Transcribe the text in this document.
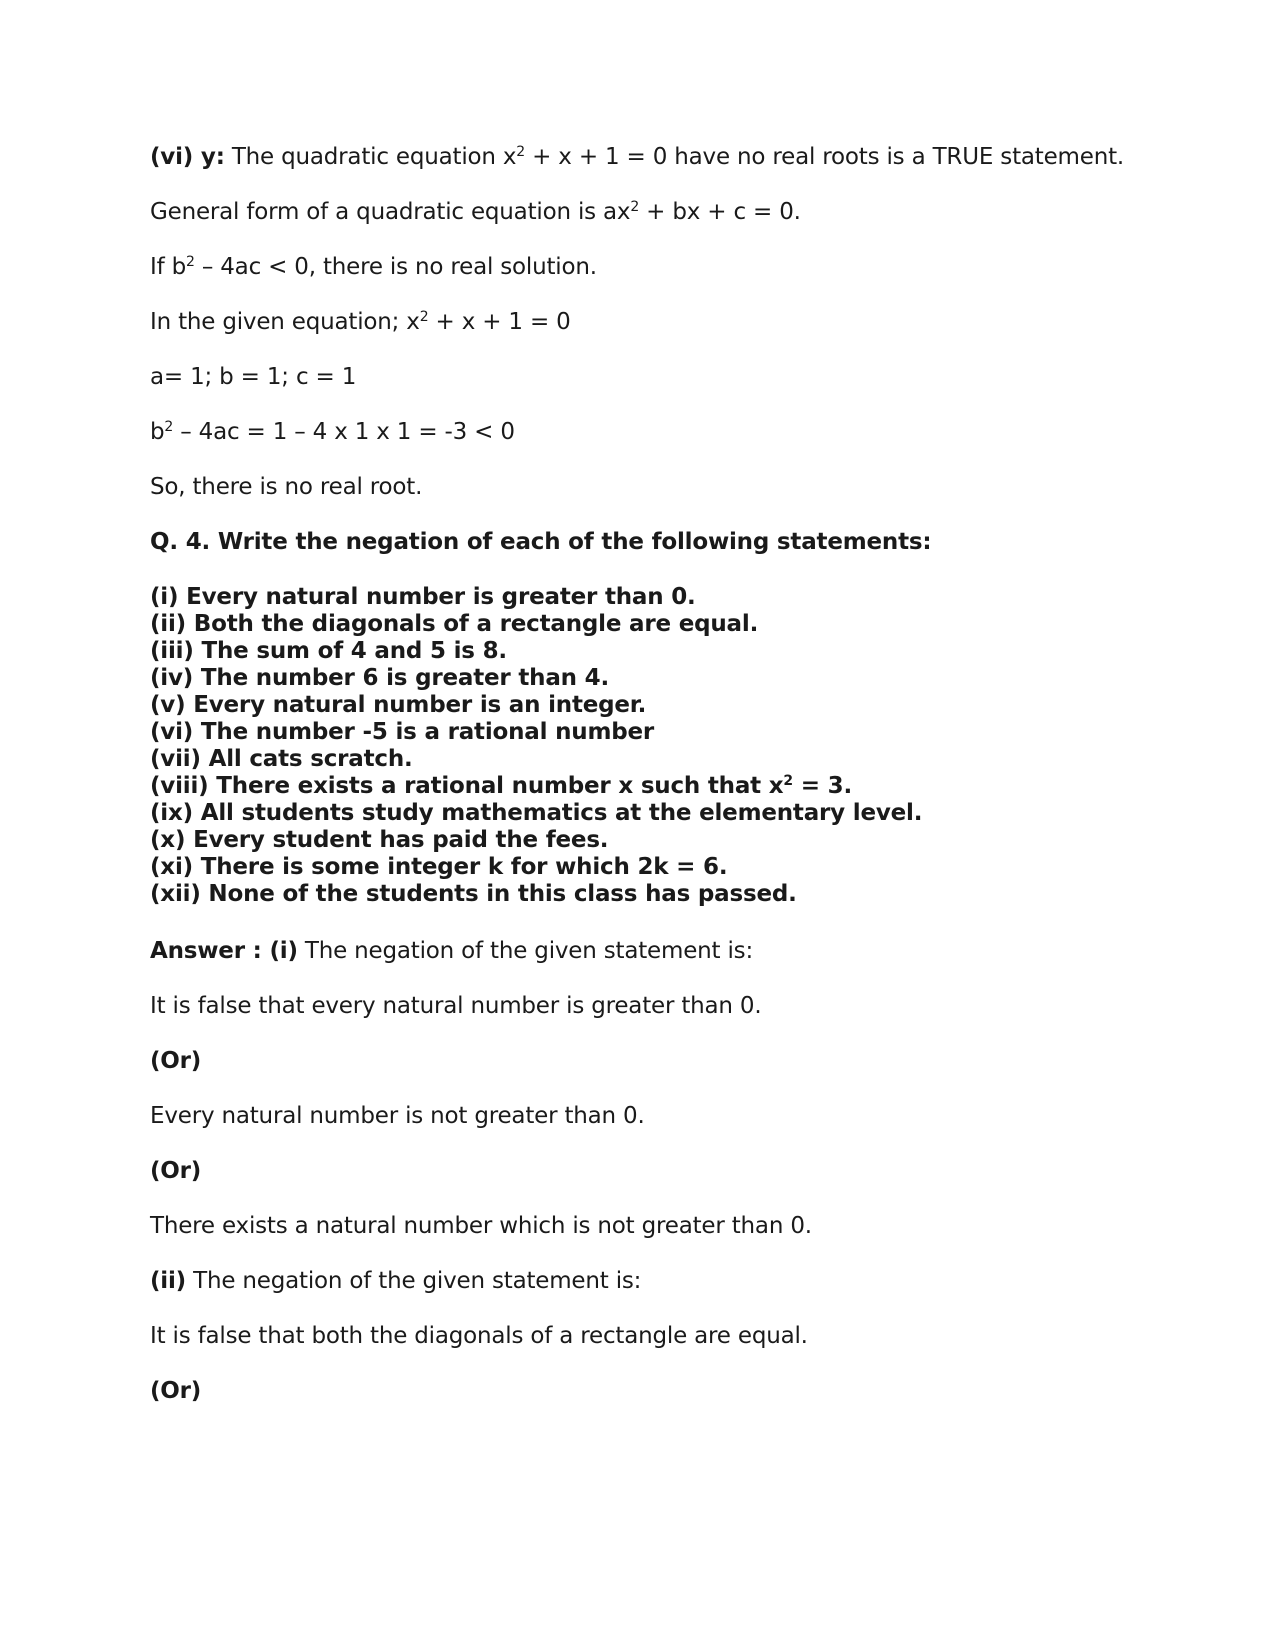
(vi) y: The quadratic equation $x^2 + x + 1 = 0$ have no real roots is a TRUE statement.
General form of a quadratic equation is $ax^2$ + bx + c = 0.
If $b^2 - 4ac < 0$, there is no real solution.
In the given equation; $x^2 + x + 1 = 0$
a= 1; b = 1; c = 1
$b^2 - 4ac = 1 - 4$ x 1 x 1 = -3 < 0
So, there is no real root.
Q. 4. Write the negation of each of the following statements:
(i) Every natural number is greater than 0.
(ii) Both the diagonals of a rectangle are equal.
(iii) The sum of 4 and 5 is 8.
(iv) The number 6 is greater than 4.
(v) Every natural number is an integer.
(vi) The number -5 is a rational number
(vii) All cats scratch.
(viii) There exists a rational number x such that $x^2 = 3$.
(ix) All students study mathematics at the elementary level.
(x) Every student has paid the fees.
(xi) There is some integer k for which 2k = 6.
(xii) None of the students in this class has passed.
Answer : (i) The negation of the given statement is:
It is false that every natural number is greater than 0.
(Or)
Every natural number is not greater than 0.
(Or)
There exists a natural number which is not greater than 0.
(ii) The negation of the given statement is:
It is false that both the diagonals of a rectangle are equal.
(Or)
